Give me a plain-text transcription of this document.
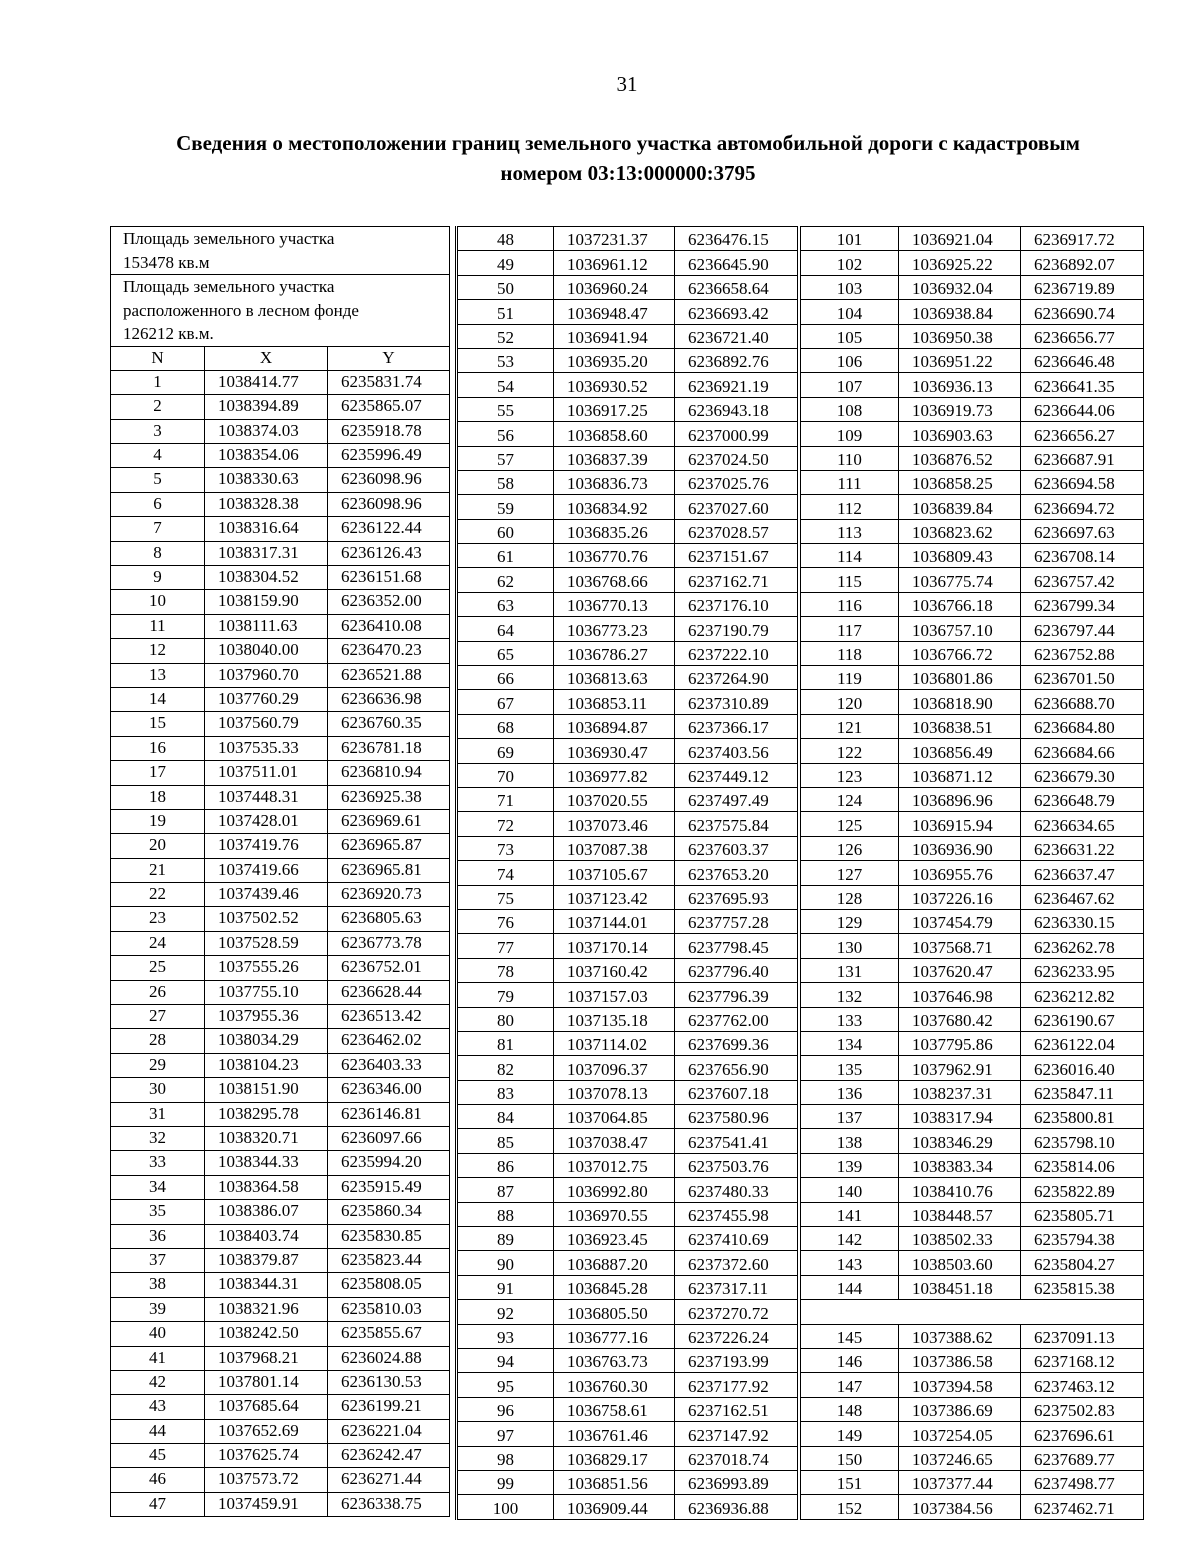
31
Сведения о местоположении границ земельного участка автомобильной дороги с кадастровым
номером 03:13:000000:3795
Площадь земельного участка
153478 кв.м		
Площадь земельного участка
расположенного в лесном фонде
126212 кв.м.		
N	X	Y
1	1038414.77	6235831.74
2	1038394.89	6235865.07
3	1038374.03	6235918.78
4	1038354.06	6235996.49
5	1038330.63	6236098.96
6	1038328.38	6236098.96
7	1038316.64	6236122.44
8	1038317.31	6236126.43
9	1038304.52	6236151.68
10	1038159.90	6236352.00
11	1038111.63	6236410.08
12	1038040.00	6236470.23
13	1037960.70	6236521.88
14	1037760.29	6236636.98
15	1037560.79	6236760.35
16	1037535.33	6236781.18
17	1037511.01	6236810.94
18	1037448.31	6236925.38
19	1037428.01	6236969.61
20	1037419.76	6236965.87
21	1037419.66	6236965.81
22	1037439.46	6236920.73
23	1037502.52	6236805.63
24	1037528.59	6236773.78
25	1037555.26	6236752.01
26	1037755.10	6236628.44
27	1037955.36	6236513.42
28	1038034.29	6236462.02
29	1038104.23	6236403.33
30	1038151.90	6236346.00
31	1038295.78	6236146.81
32	1038320.71	6236097.66
33	1038344.33	6235994.20
34	1038364.58	6235915.49
35	1038386.07	6235860.34
36	1038403.74	6235830.85
37	1038379.87	6235823.44
38	1038344.31	6235808.05
39	1038321.96	6235810.03
40	1038242.50	6235855.67
41	1037968.21	6236024.88
42	1037801.14	6236130.53
43	1037685.64	6236199.21
44	1037652.69	6236221.04
45	1037625.74	6236242.47
46	1037573.72	6236271.44
47	1037459.91	6236338.75
48	1037231.37	6236476.15
49	1036961.12	6236645.90
50	1036960.24	6236658.64
51	1036948.47	6236693.42
52	1036941.94	6236721.40
53	1036935.20	6236892.76
54	1036930.52	6236921.19
55	1036917.25	6236943.18
56	1036858.60	6237000.99
57	1036837.39	6237024.50
58	1036836.73	6237025.76
59	1036834.92	6237027.60
60	1036835.26	6237028.57
61	1036770.76	6237151.67
62	1036768.66	6237162.71
63	1036770.13	6237176.10
64	1036773.23	6237190.79
65	1036786.27	6237222.10
66	1036813.63	6237264.90
67	1036853.11	6237310.89
68	1036894.87	6237366.17
69	1036930.47	6237403.56
70	1036977.82	6237449.12
71	1037020.55	6237497.49
72	1037073.46	6237575.84
73	1037087.38	6237603.37
74	1037105.67	6237653.20
75	1037123.42	6237695.93
76	1037144.01	6237757.28
77	1037170.14	6237798.45
78	1037160.42	6237796.40
79	1037157.03	6237796.39
80	1037135.18	6237762.00
81	1037114.02	6237699.36
82	1037096.37	6237656.90
83	1037078.13	6237607.18
84	1037064.85	6237580.96
85	1037038.47	6237541.41
86	1037012.75	6237503.76
87	1036992.80	6237480.33
88	1036970.55	6237455.98
89	1036923.45	6237410.69
90	1036887.20	6237372.60
91	1036845.28	6237317.11
92	1036805.50	6237270.72
93	1036777.16	6237226.24
94	1036763.73	6237193.99
95	1036760.30	6237177.92
96	1036758.61	6237162.51
97	1036761.46	6237147.92
98	1036829.17	6237018.74
99	1036851.56	6236993.89
100	1036909.44	6236936.88
101	1036921.04	6236917.72
102	1036925.22	6236892.07
103	1036932.04	6236719.89
104	1036938.84	6236690.74
105	1036950.38	6236656.77
106	1036951.22	6236646.48
107	1036936.13	6236641.35
108	1036919.73	6236644.06
109	1036903.63	6236656.27
110	1036876.52	6236687.91
111	1036858.25	6236694.58
112	1036839.84	6236694.72
113	1036823.62	6236697.63
114	1036809.43	6236708.14
115	1036775.74	6236757.42
116	1036766.18	6236799.34
117	1036757.10	6236797.44
118	1036766.72	6236752.88
119	1036801.86	6236701.50
120	1036818.90	6236688.70
121	1036838.51	6236684.80
122	1036856.49	6236684.66
123	1036871.12	6236679.30
124	1036896.96	6236648.79
125	1036915.94	6236634.65
126	1036936.90	6236631.22
127	1036955.76	6236637.47
128	1037226.16	6236467.62
129	1037454.79	6236330.15
130	1037568.71	6236262.78
131	1037620.47	6236233.95
132	1037646.98	6236212.82
133	1037680.42	6236190.67
134	1037795.86	6236122.04
135	1037962.91	6236016.40
136	1038237.31	6235847.11
137	1038317.94	6235800.81
138	1038346.29	6235798.10
139	1038383.34	6235814.06
140	1038410.76	6235822.89
141	1038448.57	6235805.71
142	1038502.33	6235794.38
143	1038503.60	6235804.27
144	1038451.18	6235815.38

145	1037388.62	6237091.13
146	1037386.58	6237168.12
147	1037394.58	6237463.12
148	1037386.69	6237502.83
149	1037254.05	6237696.61
150	1037246.65	6237689.77
151	1037377.44	6237498.77
152	1037384.56	6237462.71
